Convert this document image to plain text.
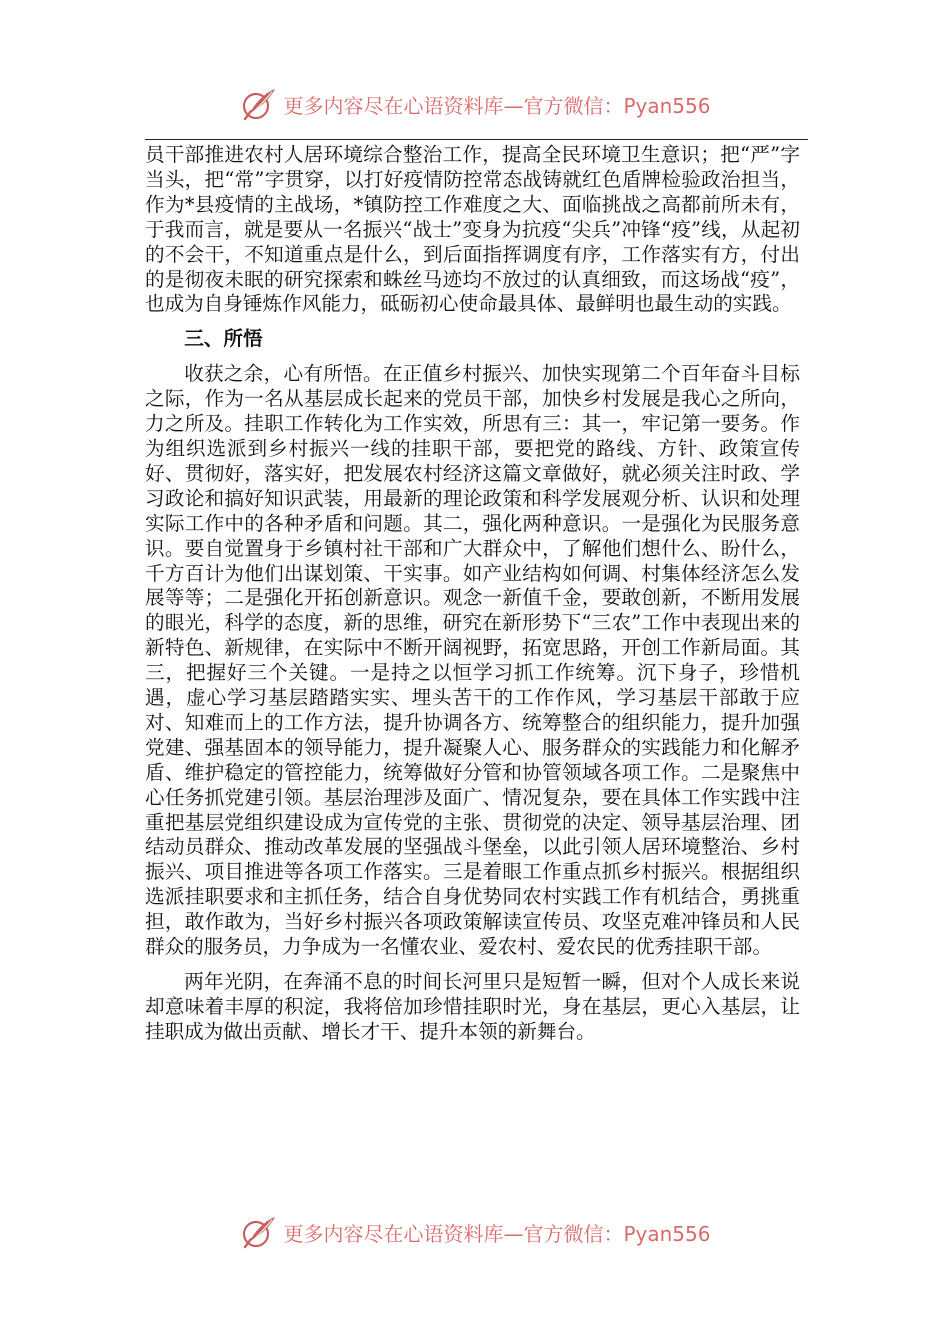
更多内容尽在心语资料库—官方微信：Pyan556

员干部推进农村人居环境综合整治工作，提高全民环境卫生意识；把“严”字当头，把“常”字贯穿，以打好疫情防控常态战铸就红色盾牌检验政治担当，作为*县疫情的主战场，*镇防控工作难度之大、面临挑战之高都前所未有，于我而言，就是要从一名振兴“战士”变身为抗疫“尖兵”冲锋“疫”线，从起初的不会干，不知道重点是什么，到后面指挥调度有序，工作落实有方，付出的是彻夜未眠的研究探索和蛛丝马迹均不放过的认真细致，而这场战“疫”，也成为自身锤炼作风能力，砥砺初心使命最具体、最鲜明也最生动的实践。

三、所悟

收获之余，心有所悟。在正值乡村振兴、加快实现第二个百年奋斗目标之际，作为一名从基层成长起来的党员干部，加快乡村发展是我心之所向，力之所及。挂职工作转化为工作实效，所思有三：其一，牢记第一要务。作为组织选派到乡村振兴一线的挂职干部，要把党的路线、方针、政策宣传好、贯彻好，落实好，把发展农村经济这篇文章做好，就必须关注时政、学习政论和搞好知识武装，用最新的理论政策和科学发展观分析、认识和处理实际工作中的各种矛盾和问题。其二，强化两种意识。一是强化为民服务意识。要自觉置身于乡镇村社干部和广大群众中，了解他们想什么、盼什么，千方百计为他们出谋划策、干实事。如产业结构如何调、村集体经济怎么发展等等；二是强化开拓创新意识。观念一新值千金，要敢创新，不断用发展的眼光，科学的态度，新的思维，研究在新形势下“三农”工作中表现出来的新特色、新规律，在实际中不断开阔视野，拓宽思路，开创工作新局面。其三，把握好三个关键。一是持之以恒学习抓工作统筹。沉下身子，珍惜机遇，虚心学习基层踏踏实实、埋头苦干的工作作风，学习基层干部敢于应对、知难而上的工作方法，提升协调各方、统筹整合的组织能力，提升加强党建、强基固本的领导能力，提升凝聚人心、服务群众的实践能力和化解矛盾、维护稳定的管控能力，统筹做好分管和协管领域各项工作。二是聚焦中心任务抓党建引领。基层治理涉及面广、情况复杂，要在具体工作实践中注重把基层党组织建设成为宣传党的主张、贯彻党的决定、领导基层治理、团结动员群众、推动改革发展的坚强战斗堡垒，以此引领人居环境整治、乡村振兴、项目推进等各项工作落实。三是着眼工作重点抓乡村振兴。根据组织选派挂职要求和主抓任务，结合自身优势同农村实践工作有机结合，勇挑重担，敢作敢为，当好乡村振兴各项政策解读宣传员、攻坚克难冲锋员和人民群众的服务员，力争成为一名懂农业、爱农村、爱农民的优秀挂职干部。

两年光阴，在奔涌不息的时间长河里只是短暂一瞬，但对个人成长来说却意味着丰厚的积淀，我将倍加珍惜挂职时光，身在基层，更心入基层，让挂职成为做出贡献、增长才干、提升本领的新舞台。

更多内容尽在心语资料库—官方微信：Pyan556
